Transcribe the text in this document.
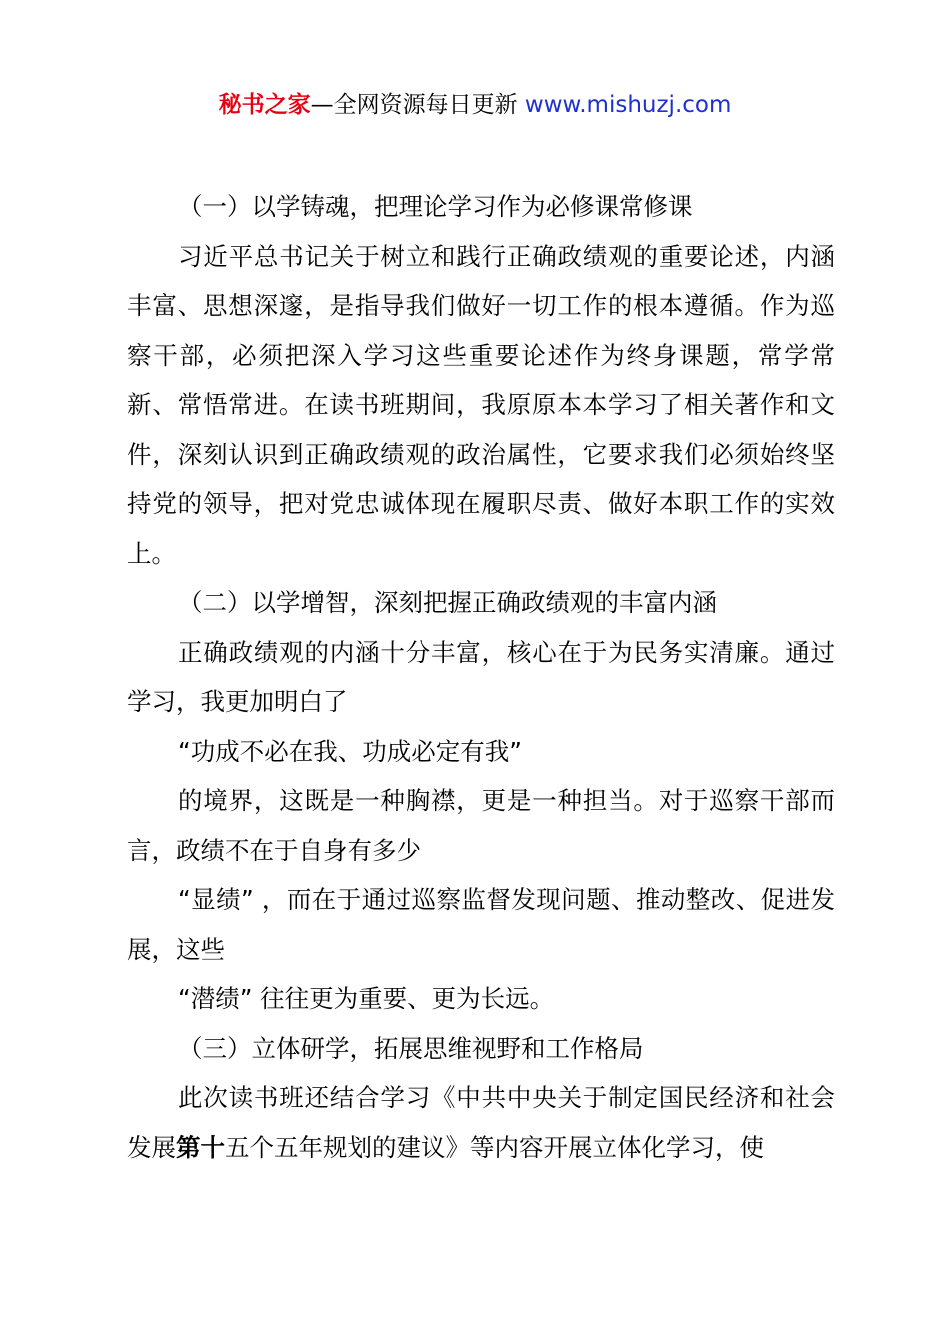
秘书之家—全网资源每日更新 www.mishuzj.com

（一）以学铸魂，把理论学习作为必修课常修课

习近平总书记关于树立和践行正确政绩观的重要论述，内涵丰富、思想深邃，是指导我们做好一切工作的根本遵循。作为巡察干部，必须把深入学习这些重要论述作为终身课题，常学常新、常悟常进。在读书班期间，我原原本本学习了相关著作和文件，深刻认识到正确政绩观的政治属性，它要求我们必须始终坚持党的领导，把对党忠诚体现在履职尽责、做好本职工作的实效上。

（二）以学增智，深刻把握正确政绩观的丰富内涵

正确政绩观的内涵十分丰富，核心在于为民务实清廉。通过学习，我更加明白了

“功成不必在我、功成必定有我”

的境界，这既是一种胸襟，更是一种担当。对于巡察干部而言，政绩不在于自身有多少

“显绩” ，而在于通过巡察监督发现问题、推动整改、促进发展，这些

“潜绩” 往往更为重要、更为长远。

（三）立体研学，拓展思维视野和工作格局

此次读书班还结合学习《中共中央关于制定国民经济和社会发展第十五个五年规划的建议》等内容开展立体化学习，使
